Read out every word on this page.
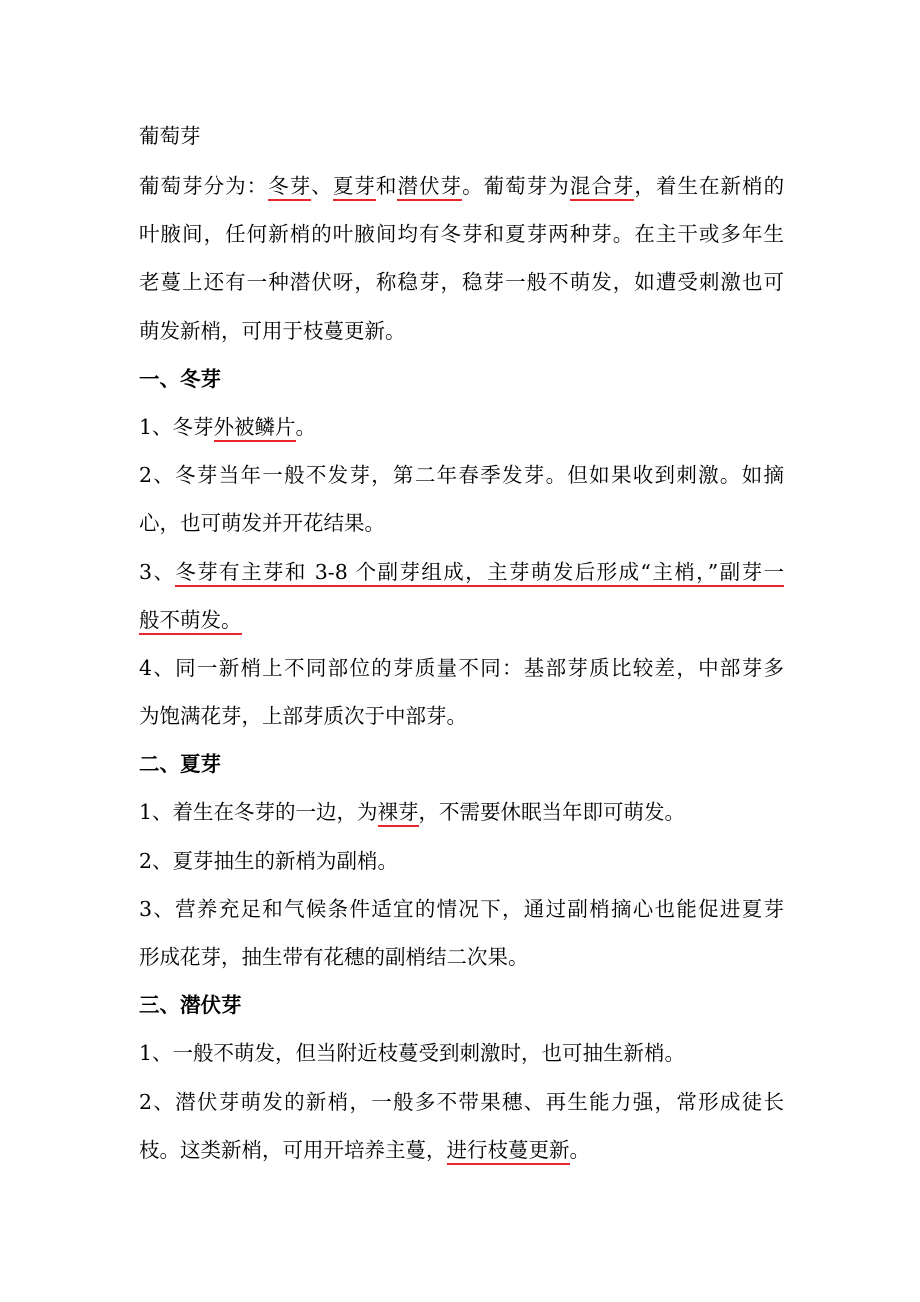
葡萄芽
葡萄芽分为：冬芽、夏芽和潜伏芽。葡萄芽为混合芽，着生在新梢的
叶腋间，任何新梢的叶腋间均有冬芽和夏芽两种芽。在主干或多年生
老蔓上还有一种潜伏呀，称稳芽，稳芽一般不萌发，如遭受刺激也可
萌发新梢，可用于枝蔓更新。
一、冬芽
1、冬芽外被鳞片。
2、冬芽当年一般不发芽，第二年春季发芽。但如果收到刺激。如摘
心，也可萌发并开花结果。
3、冬芽有主芽和 3-8 个副芽组成，主芽萌发后形成“主梢，”副芽一
般不萌发。
4、同一新梢上不同部位的芽质量不同：基部芽质比较差，中部芽多
为饱满花芽，上部芽质次于中部芽。
二、夏芽
1、着生在冬芽的一边，为裸芽，不需要休眠当年即可萌发。
2、夏芽抽生的新梢为副梢。
3、营养充足和气候条件适宜的情况下，通过副梢摘心也能促进夏芽
形成花芽，抽生带有花穗的副梢结二次果。
三、潜伏芽
1、一般不萌发，但当附近枝蔓受到刺激时，也可抽生新梢。
2、潜伏芽萌发的新梢，一般多不带果穗、再生能力强，常形成徒长
枝。这类新梢，可用开培养主蔓，进行枝蔓更新。
